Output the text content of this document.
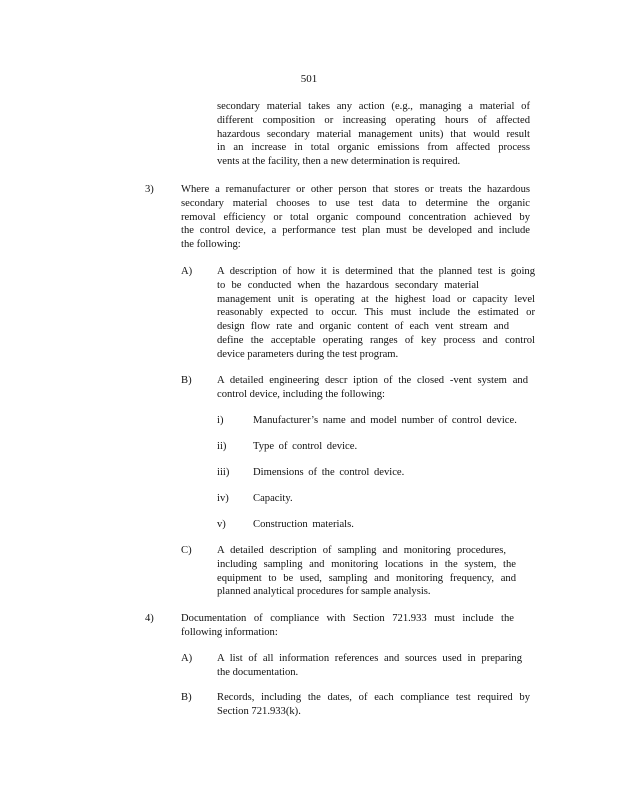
501
secondary material takes any action (e.g., managing a material of
different composition or increasing operating hours of affected
hazardous secondary material management units) that would result
in an increase in total organic emissions from affected process
vents at the facility, then a new determination is required.
3)	Where a remanufacturer or other person that stores or treats the hazardous
secondary material chooses to use test data to determine the organic
removal efficiency or total organic compound concentration achieved by
the control device, a performance test plan must be developed and include
the following:
A) A description of how it is determined that the planned test is going
to be conducted when the hazardous secondary material
management unit is operating at the highest load or capacity level
reasonably expected to occur. This must include the estimated or
design flow rate and organic content of each vent stream and
define the acceptable operating ranges of key process and control
device parameters during the test program.
B) A detailed engineering descr iption of the closed -vent system and
control device, including the following:
i)	Manufacturer’s name and model number of control device.
ii)	Type of control device.
iii) Dimensions of the control device.
iv) Capacity.
v)	Construction materials.
C) A detailed description of sampling and monitoring procedures,
including sampling and monitoring locations in the system, the
equipment to be used, sampling and monitoring frequency, and
planned analytical procedures for sample analysis.
4)	Documentation of compliance with Section 721.933 must include the
following information:
A) A list of all information references and sources used in preparing
the documentation.
B) Records, including the dates, of each compliance test required by
Section 721.933(k).
